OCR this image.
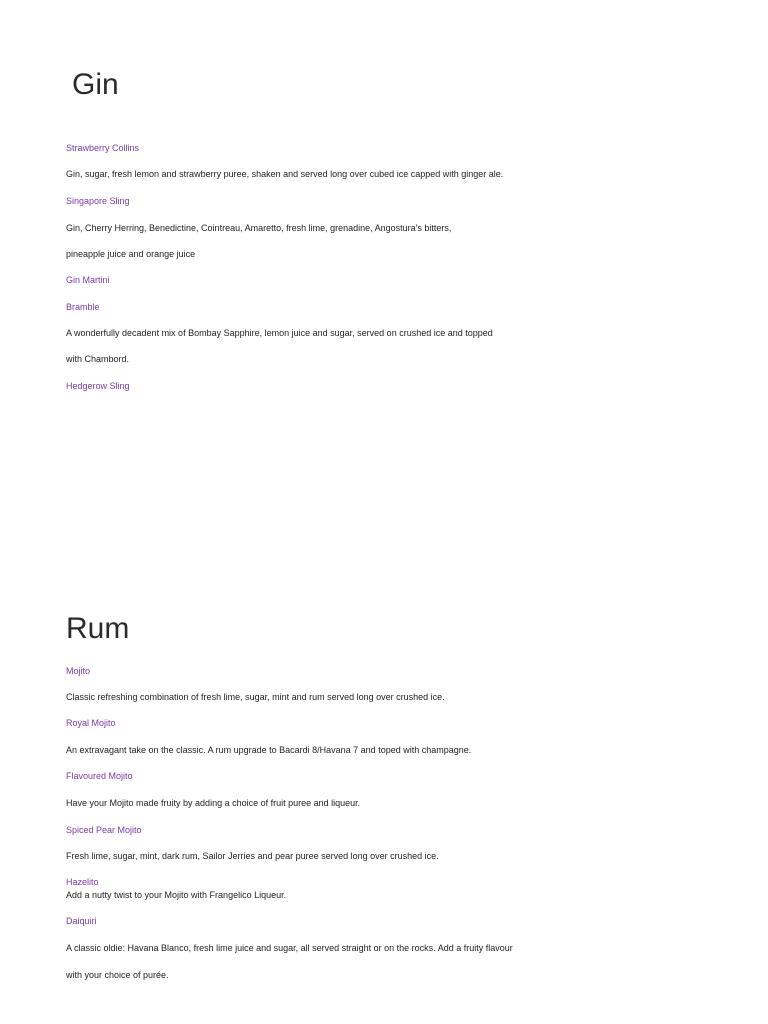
Gin

Strawberry Collins

Gin, sugar, fresh lemon and strawberry puree, shaken and served long over cubed ice capped with ginger ale.

Singapore Sling

Gin, Cherry Herring, Benedictine, Cointreau, Amaretto, fresh lime, grenadine, Angostura's bitters,

pineapple juice and orange juice

Gin Martini

Bramble

A wonderfully decadent mix of Bombay Sapphire, lemon juice and sugar, served on crushed ice and topped

with Chambord.

Hedgerow Sling

Rum

Mojito

Classic refreshing combination of fresh lime, sugar, mint and rum served long over crushed ice.

Royal Mojito

An extravagant take on the classic. A rum upgrade to Bacardi 8/Havana 7 and toped with champagne.

Flavoured Mojito

Have your Mojito made fruity by adding a choice of fruit puree and liqueur.

Spiced Pear Mojito

Fresh lime, sugar, mint, dark rum, Sailor Jerries and pear puree served long over crushed ice.

Hazelito

Add a nutty twist to your Mojito with Frangelico Liqueur.

Daiquiri

A classic oldie: Havana Blanco, fresh lime juice and sugar, all served straight or on the rocks. Add a fruity flavour

with your choice of purée.
